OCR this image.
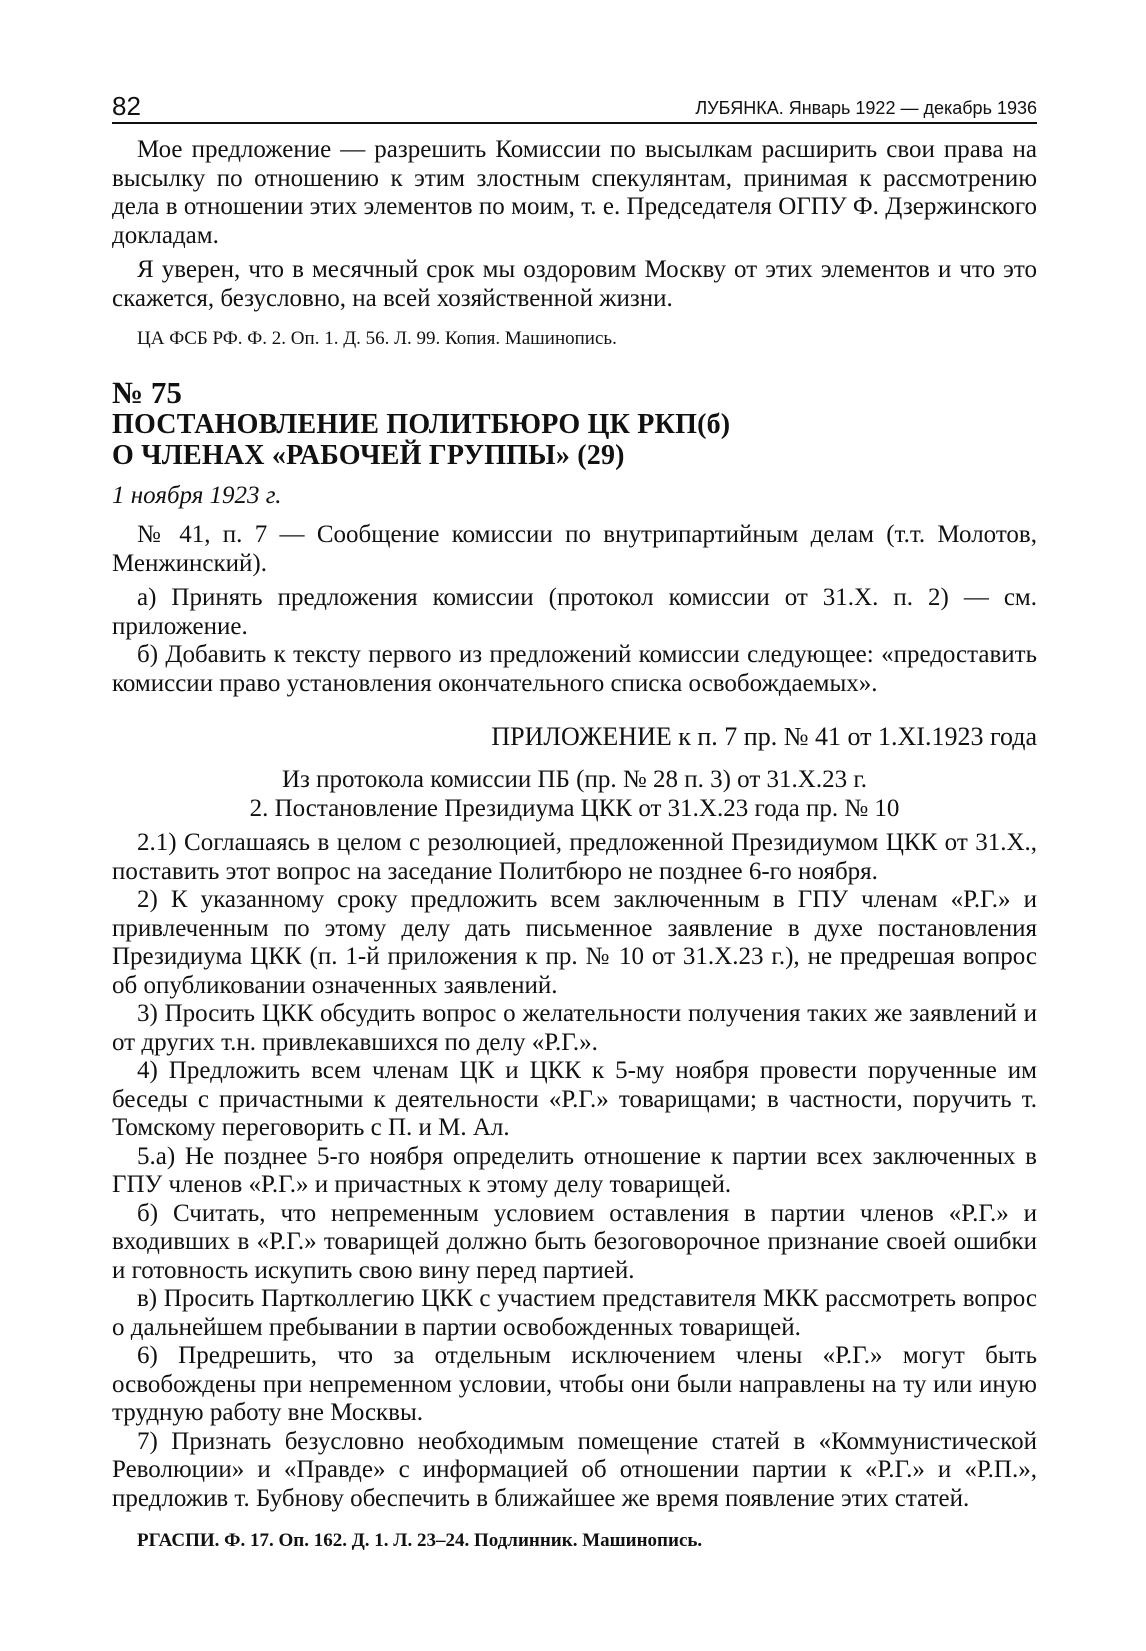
82	ЛУБЯНКА. Январь 1922 — декабрь 1936

Мое предложение — разрешить Комиссии по высылкам расширить свои права на высылку по отношению к этим злостным спекулянтам, принимая к рассмотрению дела в отношении этих элементов по моим, т. е. Председателя ОГПУ Ф. Дзержинского докладам.

Я уверен, что в месячный срок мы оздоровим Москву от этих элементов и что это скажется, безусловно, на всей хозяйственной жизни.

ЦА ФСБ РФ. Ф. 2. Оп. 1. Д. 56. Л. 99. Копия. Машинопись.

№ 75
ПОСТАНОВЛЕНИЕ ПОЛИТБЮРО ЦК РКП(б)
О ЧЛЕНАХ «РАБОЧЕЙ ГРУППЫ» (29)
1 ноября 1923 г.

№ 41, п. 7 — Сообщение комиссии по внутрипартийным делам (т.т. Молотов, Менжинский).

а) Принять предложения комиссии (протокол комиссии от 31.X. п. 2) — см. приложение.

б) Добавить к тексту первого из предложений комиссии следующее: «предоставить комиссии право установления окончательного списка освобождаемых».

ПРИЛОЖЕНИЕ к п. 7 пр. № 41 от 1.XI.1923 года
Из протокола комиссии ПБ (пр. № 28 п. 3) от 31.X.23 г.
2. Постановление Президиума ЦКК от 31.X.23 года пр. № 10

2.1) Соглашаясь в целом с резолюцией, предложенной Президиумом ЦКК от 31.X., поставить этот вопрос на заседание Политбюро не позднее 6-го ноября.

2) К указанному сроку предложить всем заключенным в ГПУ членам «Р.Г.» и привлеченным по этому делу дать письменное заявление в духе постановления Президиума ЦКК (п. 1-й приложения к пр. № 10 от 31.X.23 г.), не предрешая вопрос об опубликовании означенных заявлений.

3) Просить ЦКК обсудить вопрос о желательности получения таких же заявлений и от других т.н. привлекавшихся по делу «Р.Г.».

4) Предложить всем членам ЦК и ЦКК к 5-му ноября провести порученные им беседы с причастными к деятельности «Р.Г.» товарищами; в частности, поручить т. Томскому переговорить с П. и М. Ал.

5.а) Не позднее 5-го ноября определить отношение к партии всех заключенных в ГПУ членов «Р.Г.» и причастных к этому делу товарищей.

б) Считать, что непременным условием оставления в партии членов «Р.Г.» и входивших в «Р.Г.» товарищей должно быть безоговорочное признание своей ошибки и готовность искупить свою вину перед партией.

в) Просить Партколлегию ЦКК с участием представителя МКК рассмотреть вопрос о дальнейшем пребывании в партии освобожденных товарищей.

6) Предрешить, что за отдельным исключением члены «Р.Г.» могут быть освобождены при непременном условии, чтобы они были направлены на ту или иную трудную работу вне Москвы.

7) Признать безусловно необходимым помещение статей в «Коммунистической Революции» и «Правде» с информацией об отношении партии к «Р.Г.» и «Р.П.», предложив т. Бубнову обеспечить в ближайшее же время появление этих статей.

РГАСПИ. Ф. 17. Оп. 162. Д. 1. Л. 23–24. Подлинник. Машинопись.
